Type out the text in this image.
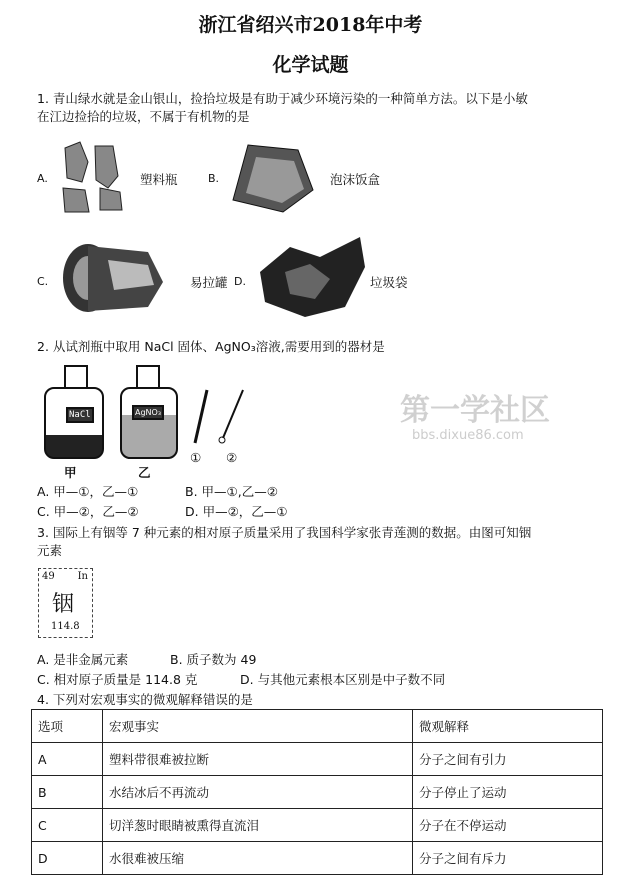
浙江省绍兴市2018年中考
化学试题
1. 青山绿水就是金山银山，捡拾垃圾是有助于减少环境污染的一种简单方法。以下是小敏
在江边捡拾的垃圾，不属于有机物的是
A.	塑料瓶	B.	泡沫饭盒
C.	易拉罐 D.	垃圾袋
2. 从试剂瓶中取用 NaCl 固体、AgNO₃溶液,需要用到的器材是
NaCl	AgNO₃
① ②
甲	乙
A. 甲—①，乙—①	B. 甲—①,乙—②
C. 甲—②，乙—②	D. 甲—②，乙—①
3. 国际上有铟等 7 种元素的相对原子质量采用了我国科学家张青莲测的数据。由图可知铟
元素
49 In
铟
114.8
A. 是非金属元素	B. 质子数为 49
C. 相对原子质量是 114.8 克	D. 与其他元素根本区别是中子数不同
4. 下列对宏观事实的微观解释错误的是
选项	宏观事实	微观解释
A	塑料带很难被拉断	分子之间有引力
B	水结冰后不再流动	分子停止了运动
C	切洋葱时眼睛被熏得直流泪	分子在不停运动
D	水很难被压缩	分子之间有斥力
第一学社区
bbs.dixue86.com
